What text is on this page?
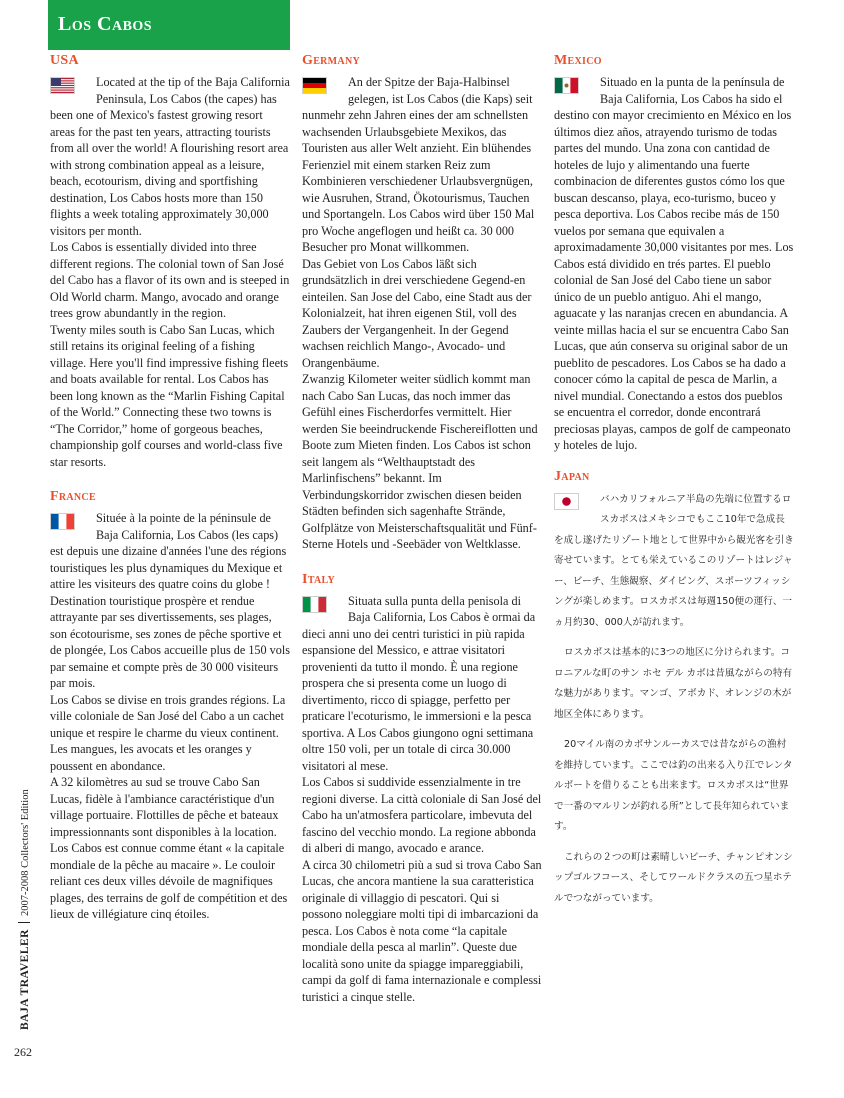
Los Cabos
USA

Located at the tip of the Baja California Peninsula, Los Cabos (the capes) has been one of Mexico's fastest growing resort areas for the past ten years, attracting tourists from all over the world! A flourishing resort area with strong combination appeal as a leisure, beach, ecotourism, diving and sportfishing destination, Los Cabos hosts more than 150 flights a week totaling approximately 30,000 visitors per month.

Los Cabos is essentially divided into three different regions. The colonial town of San José del Cabo has a flavor of its own and is steeped in Old World charm. Mango, avocado and orange trees grow abundantly in the region.

Twenty miles south is Cabo San Lucas, which still retains its original feeling of a fishing village. Here you'll find impressive fishing fleets and boats available for rental. Los Cabos has been long known as the “Marlin Fishing Capital of the World.” Connecting these two towns is “The Corridor,” home of gorgeous beaches, championship golf courses and world-class five star resorts.

France

Située à la pointe de la péninsule de Baja California, Los Cabos (les caps) est depuis une dizaine d'années l'une des régions touristiques les plus dynamiques du Mexique et attire les visiteurs des quatre coins du globe ! Destination touristique prospère et rendue attrayante par ses divertissements, ses plages, son écotourisme, ses zones de pêche sportive et de plongée, Los Cabos accueille plus de 150 vols par semaine et compte près de 30 000 visiteurs par mois.

Los Cabos se divise en trois grandes régions. La ville coloniale de San José del Cabo a un cachet unique et respire le charme du vieux continent. Les mangues, les avocats et les oranges y poussent en abondance.

A 32 kilomètres au sud se trouve Cabo San Lucas, fidèle à l'ambiance caractéristique d'un village portuaire. Flottilles de pêche et bateaux impressionnants sont disponibles à la location. Los Cabos est connue comme étant « la capitale mondiale de la pêche au macaire ». Le couloir reliant ces deux villes dévoile de magnifiques plages, des terrains de golf de compétition et des lieux de villégiature cinq étoiles.

Germany

An der Spitze der Baja-Halbinsel gelegen, ist Los Cabos (die Kaps) seit nunmehr zehn Jahren eines der am schnellsten wachsenden Urlaubsgebiete Mexikos, das Touristen aus aller Welt anzieht. Ein blühendes Ferienziel mit einem starken Reiz zum Kombinieren verschiedener Urlaubsvergnügen, wie Ausruhen, Strand, Ökotourismus, Tauchen und Sportangeln. Los Cabos wird über 150 Mal pro Woche angeflogen und heißt ca. 30 000 Besucher pro Monat willkommen.

Das Gebiet von Los Cabos läßt sich grundsätzlich in drei verschiedene Gegend-en einteilen. San Jose del Cabo, eine Stadt aus der Kolonialzeit, hat ihren eigenen Stil, voll des Zaubers der Vergangenheit. In der Gegend wachsen reichlich Mango-, Avocado- und Orangenbäume.

Zwanzig Kilometer weiter südlich kommt man nach Cabo San Lucas, das noch immer das Gefühl eines Fischerdorfes vermittelt. Hier werden Sie beeindruckende Fischereiflotten und Boote zum Mieten finden. Los Cabos ist schon seit langem als “Welthauptstadt des Marlinfischens” bekannt. Im Verbindungskorridor zwischen diesen beiden Städten befinden sich sagenhafte Strände, Golfplätze von Meisterschaftsqualität und Fünf-Sterne Hotels und -Seebäder von Weltklasse.

Italy

Situata sulla punta della penisola di Baja California, Los Cabos è ormai da dieci anni uno dei centri turistici in più rapida espansione del Messico, e attrae visitatori provenienti da tutto il mondo. È una regione prospera che si presenta come un luogo di divertimento, ricco di spiagge, perfetto per praticare l'ecoturismo, le immersioni e la pesca sportiva. A Los Cabos giungono ogni settimana oltre 150 voli, per un totale di circa 30.000 visitatori al mese.

Los Cabos si suddivide essenzialmente in tre regioni diverse. La città coloniale di San José del Cabo ha un'atmosfera particolare, imbevuta del fascino del vecchio mondo. La regione abbonda di alberi di mango, avocado e arance.

A circa 30 chilometri più a sud si trova Cabo San Lucas, che ancora mantiene la sua caratteristica originale di villaggio di pescatori. Qui si possono noleggiare molti tipi di imbarcazioni da pesca. Los Cabos è nota come “la capitale mondiale della pesca al marlin”. Queste due località sono unite da spiagge impareggiabili, campi da golf di fama internazionale e complessi turistici a cinque stelle.

Mexico

Situado en la punta de la península de Baja California, Los Cabos ha sido el destino con mayor crecimiento en México en los últimos diez años, atrayendo turismo de todas partes del mundo. Una zona con cantidad de hoteles de lujo y alimentando una fuerte combinacion de diferentes gustos cómo los que buscan descanso, playa, eco-turismo, buceo y pesca deportiva. Los Cabos recibe más de 150 vuelos por semana que equivalen a aproximadamente 30,000 visitantes por mes. Los Cabos está dividido en trés partes. El pueblo colonial de San José del Cabo tiene un sabor único de un pueblo antiguo. Ahi el mango, aguacate y las naranjas crecen en abundancia. A veinte millas hacia el sur se encuentra Cabo San Lucas, que aún conserva su original sabor de un pueblito de pescadores. Los Cabos se ha dado a conocer cómo la capital de pesca de Marlin, a nivel mundial. Conectando a estos dos pueblos se encuentra el corredor, donde encontrará preciosas playas, campos de golf de campeonato y hoteles de lujo.

Japan

バハカリフォルニア半島の先端に位置するロスカボスはメキシコでもここ10年で急成長を成し遂げたリゾート地として世界中から観光客を引き寄せています。とても栄えているこのリゾートはレジャー、ビーチ、生態観察、ダイビング、スポーツフィッシングが楽しめます。ロスカボスは毎週150便の運行、一ヵ月約30、000人が訪れます。

ロスカボスは基本的に3つの地区に分けられます。コロニアルな町のサン ホセ デル カボは昔風ながらの特有な魅力があります。マンゴ、アボカド、オレンジの木が地区全体にあります。

20マイル南のカボサンルーカスでは昔ながらの漁村を維持しています。ここでは釣の出来る入り江でレンタルボートを借りることも出来ます。ロスカボスは“世界で一番のマルリンが釣れる所”として長年知られています。

これらの２つの町は素晴しいビーチ、チャンピオンシップゴルフコース、そしてワールドクラスの五つ星ホテルでつながっています。

BAJA TRAVELER2007-2008 Collectors' Edition
262
